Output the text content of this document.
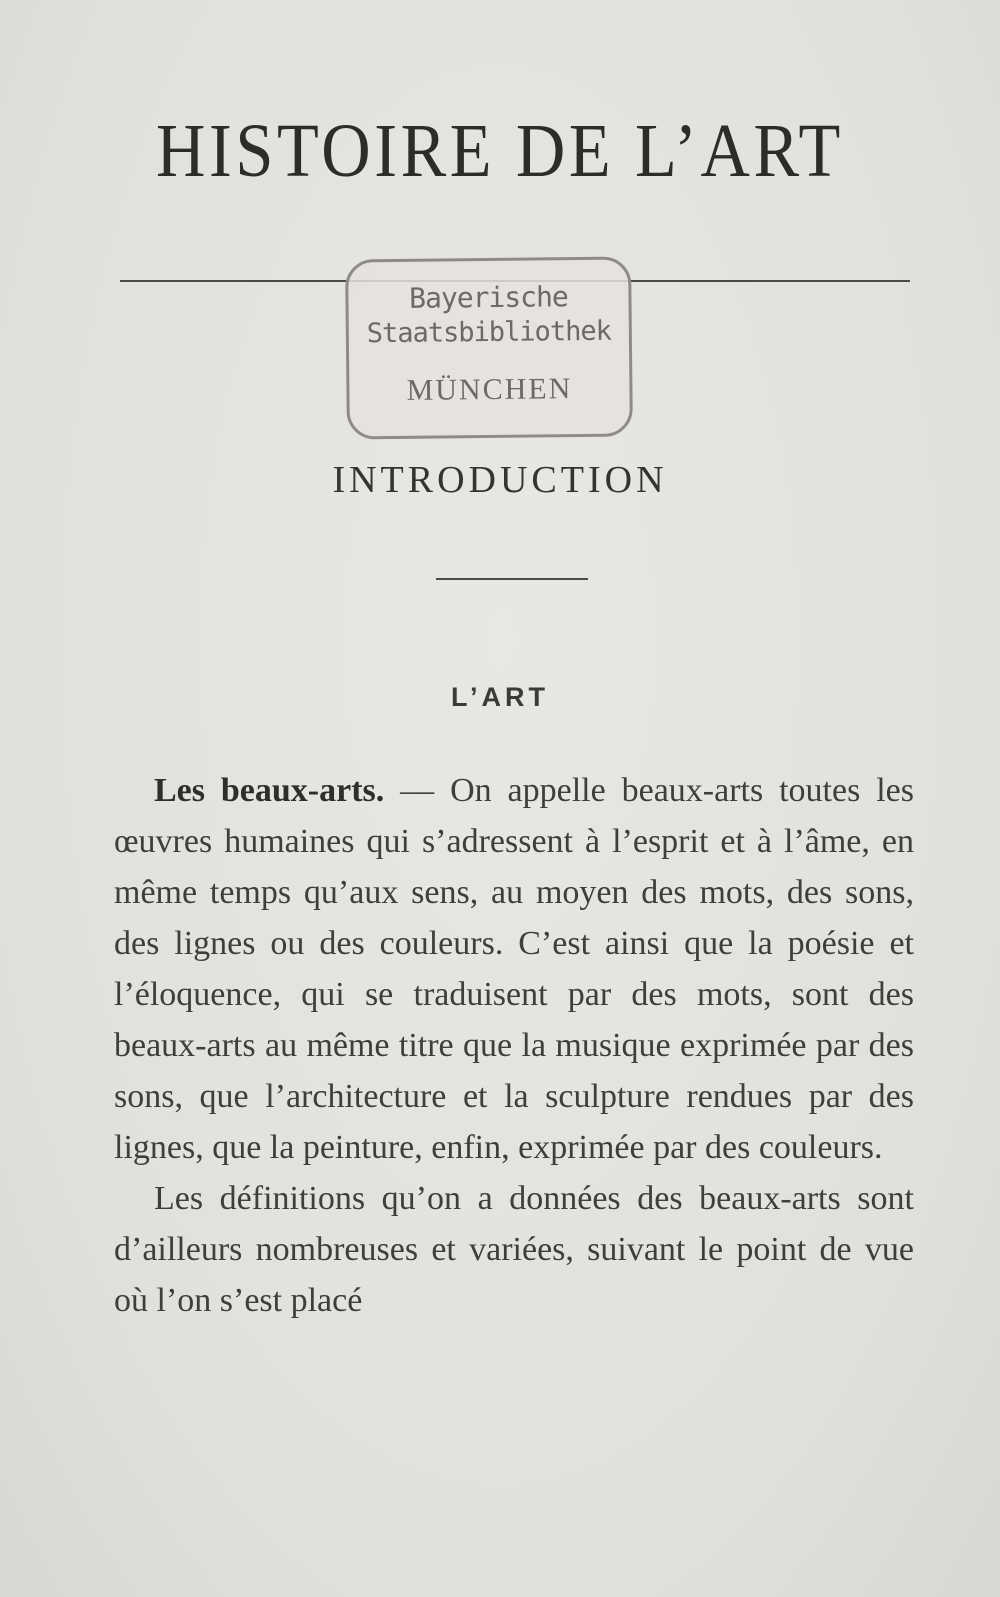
HISTOIRE DE L’ART
Bayerische
Staatsbibliothek
MÜNCHEN
INTRODUCTION
L’ART

Les beaux-arts. — On appelle beaux-arts toutes les œuvres humaines qui s’adressent à l’esprit et à l’âme, en même temps qu’aux sens, au moyen des mots, des sons, des lignes ou des couleurs. C’est ainsi que la poésie et l’éloquence, qui se traduisent par des mots, sont des beaux-arts au même titre que la musique exprimée par des sons, que l’architecture et la sculpture rendues par des lignes, que la peinture, enfin, exprimée par des couleurs.

Les définitions qu’on a données des beaux-arts sont d’ailleurs nombreuses et variées, suivant le point de vue où l’on s’est placé
